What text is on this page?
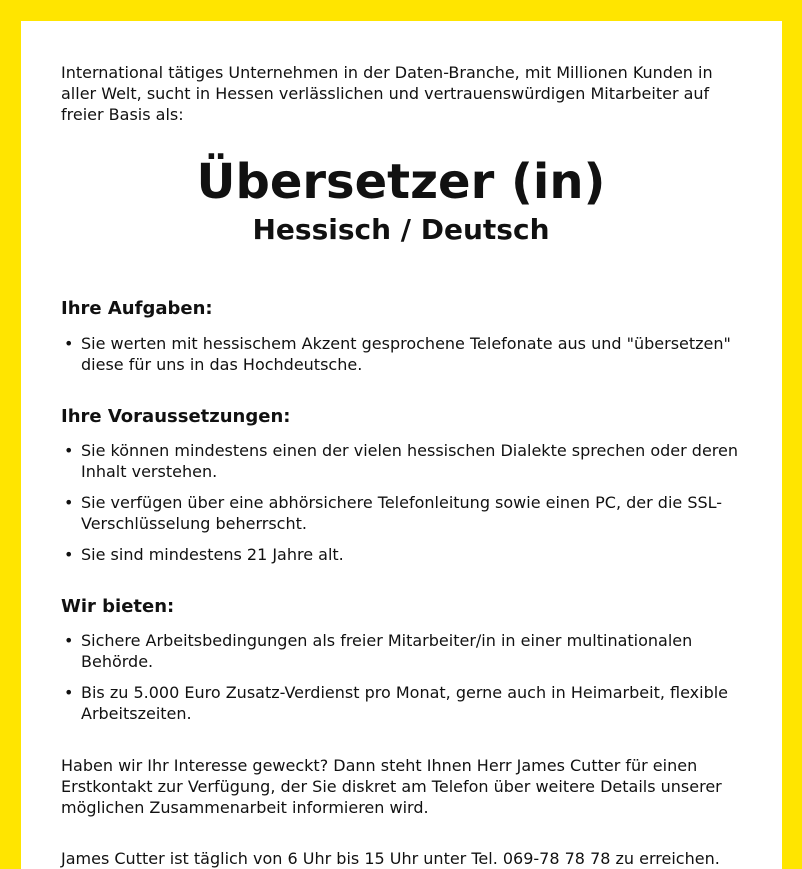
International tätiges Unternehmen in der Daten-Branche, mit Millionen Kunden in aller Welt, sucht in Hessen verlässlichen und vertrauenswürdigen Mitarbeiter auf freier Basis als:
Übersetzer (in)
Hessisch / Deutsch
Ihre Aufgaben:
• Sie werten mit hessischem Akzent gesprochene Telefonate aus und "übersetzen" diese für uns in das Hochdeutsche.
Ihre Voraussetzungen:
• Sie können mindestens einen der vielen hessischen Dialekte sprechen oder deren Inhalt verstehen.
• Sie verfügen über eine abhörsichere Telefonleitung sowie einen PC, der die SSL-Verschlüsselung beherrscht.
• Sie sind mindestens 21 Jahre alt.
Wir bieten:
• Sichere Arbeitsbedingungen als freier Mitarbeiter/in in einer multinationalen Behörde.
• Bis zu 5.000 Euro Zusatz-Verdienst pro Monat, gerne auch in Heimarbeit, flexible Arbeitszeiten.
Haben wir Ihr Interesse geweckt? Dann steht Ihnen Herr James Cutter für einen Erstkontakt zur Verfügung, der Sie diskret am Telefon über weitere Details unserer möglichen Zusammenarbeit informieren wird.
James Cutter ist täglich von 6 Uhr bis 15 Uhr unter Tel. 069-78 78 78 zu erreichen.
